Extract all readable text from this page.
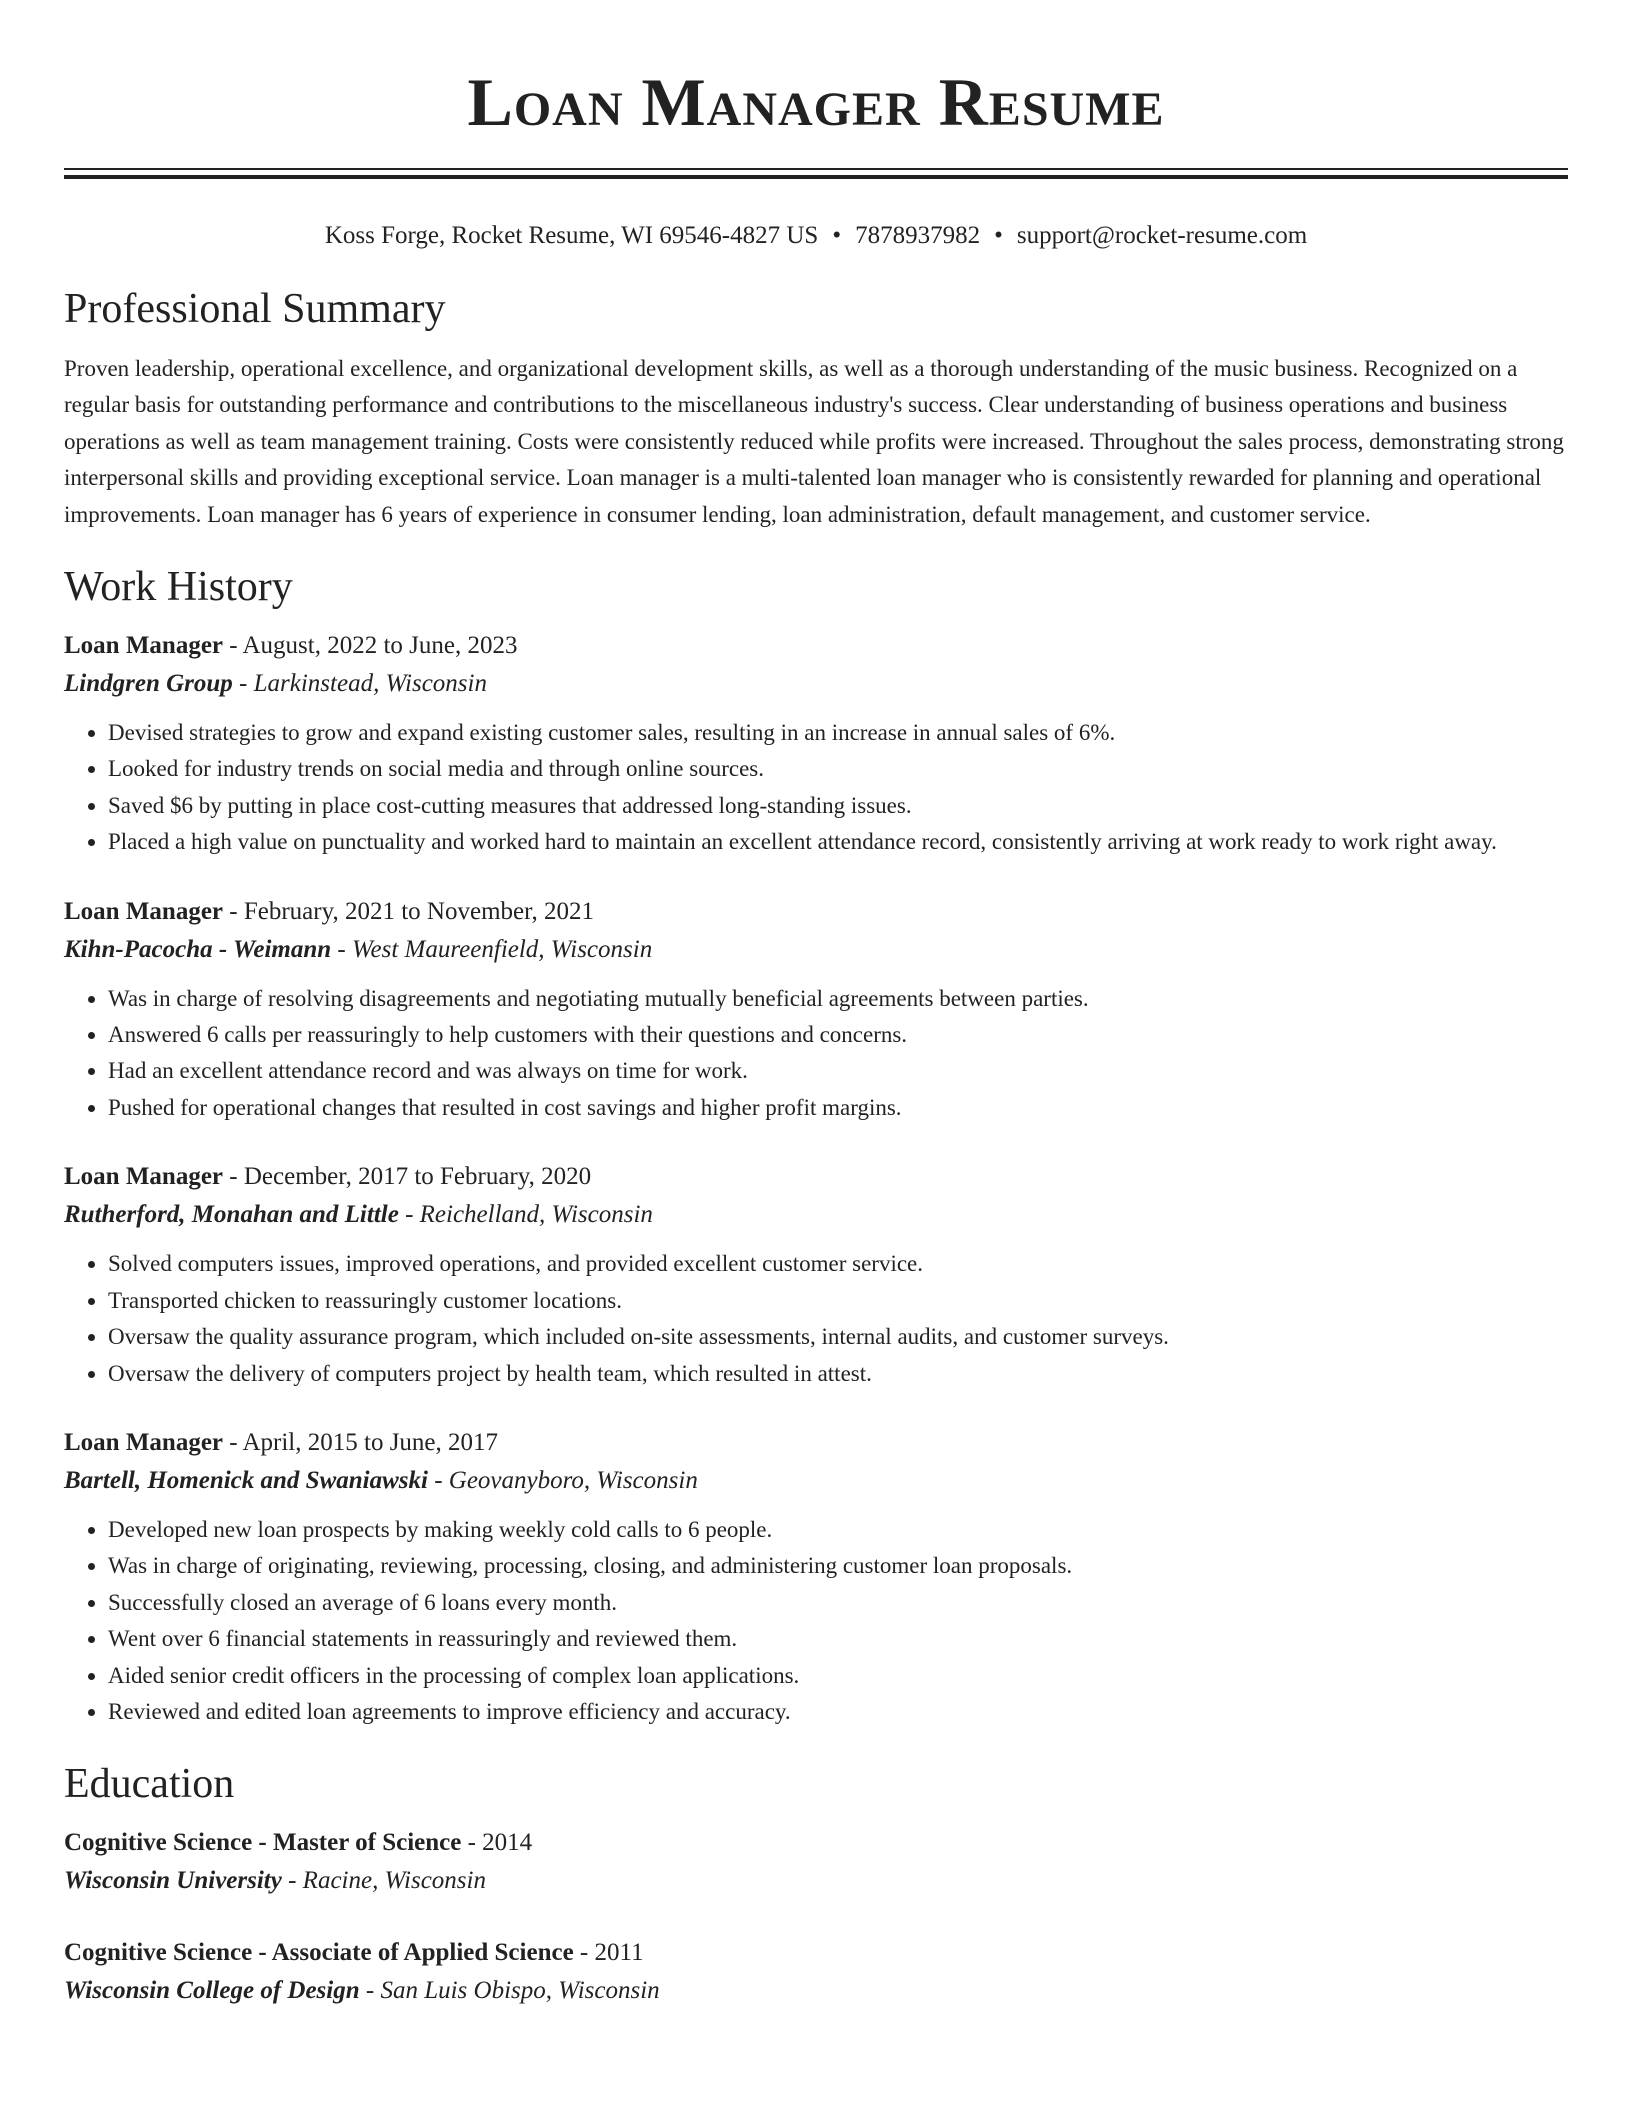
Loan Manager Resume
Koss Forge, Rocket Resume, WI 69546-4827 US • 7878937982 • support@rocket-resume.com
Professional Summary
Proven leadership, operational excellence, and organizational development skills, as well as a thorough understanding of the music business. Recognized on a regular basis for outstanding performance and contributions to the miscellaneous industry's success. Clear understanding of business operations and business operations as well as team management training. Costs were consistently reduced while profits were increased. Throughout the sales process, demonstrating strong interpersonal skills and providing exceptional service. Loan manager is a multi-talented loan manager who is consistently rewarded for planning and operational improvements. Loan manager has 6 years of experience in consumer lending, loan administration, default management, and customer service.
Work History
Loan Manager - August, 2022 to June, 2023
Lindgren Group - Larkinstead, Wisconsin
• Devised strategies to grow and expand existing customer sales, resulting in an increase in annual sales of 6%.
• Looked for industry trends on social media and through online sources.
• Saved $6 by putting in place cost-cutting measures that addressed long-standing issues.
• Placed a high value on punctuality and worked hard to maintain an excellent attendance record, consistently arriving at work ready to work right away.
Loan Manager - February, 2021 to November, 2021
Kihn-Pacocha - Weimann - West Maureenfield, Wisconsin
• Was in charge of resolving disagreements and negotiating mutually beneficial agreements between parties.
• Answered 6 calls per reassuringly to help customers with their questions and concerns.
• Had an excellent attendance record and was always on time for work.
• Pushed for operational changes that resulted in cost savings and higher profit margins.
Loan Manager - December, 2017 to February, 2020
Rutherford, Monahan and Little - Reichelland, Wisconsin
• Solved computers issues, improved operations, and provided excellent customer service.
• Transported chicken to reassuringly customer locations.
• Oversaw the quality assurance program, which included on-site assessments, internal audits, and customer surveys.
• Oversaw the delivery of computers project by health team, which resulted in attest.
Loan Manager - April, 2015 to June, 2017
Bartell, Homenick and Swaniawski - Geovanyboro, Wisconsin
• Developed new loan prospects by making weekly cold calls to 6 people.
• Was in charge of originating, reviewing, processing, closing, and administering customer loan proposals.
• Successfully closed an average of 6 loans every month.
• Went over 6 financial statements in reassuringly and reviewed them.
• Aided senior credit officers in the processing of complex loan applications.
• Reviewed and edited loan agreements to improve efficiency and accuracy.
Education
Cognitive Science - Master of Science - 2014
Wisconsin University - Racine, Wisconsin
Cognitive Science - Associate of Applied Science - 2011
Wisconsin College of Design - San Luis Obispo, Wisconsin
